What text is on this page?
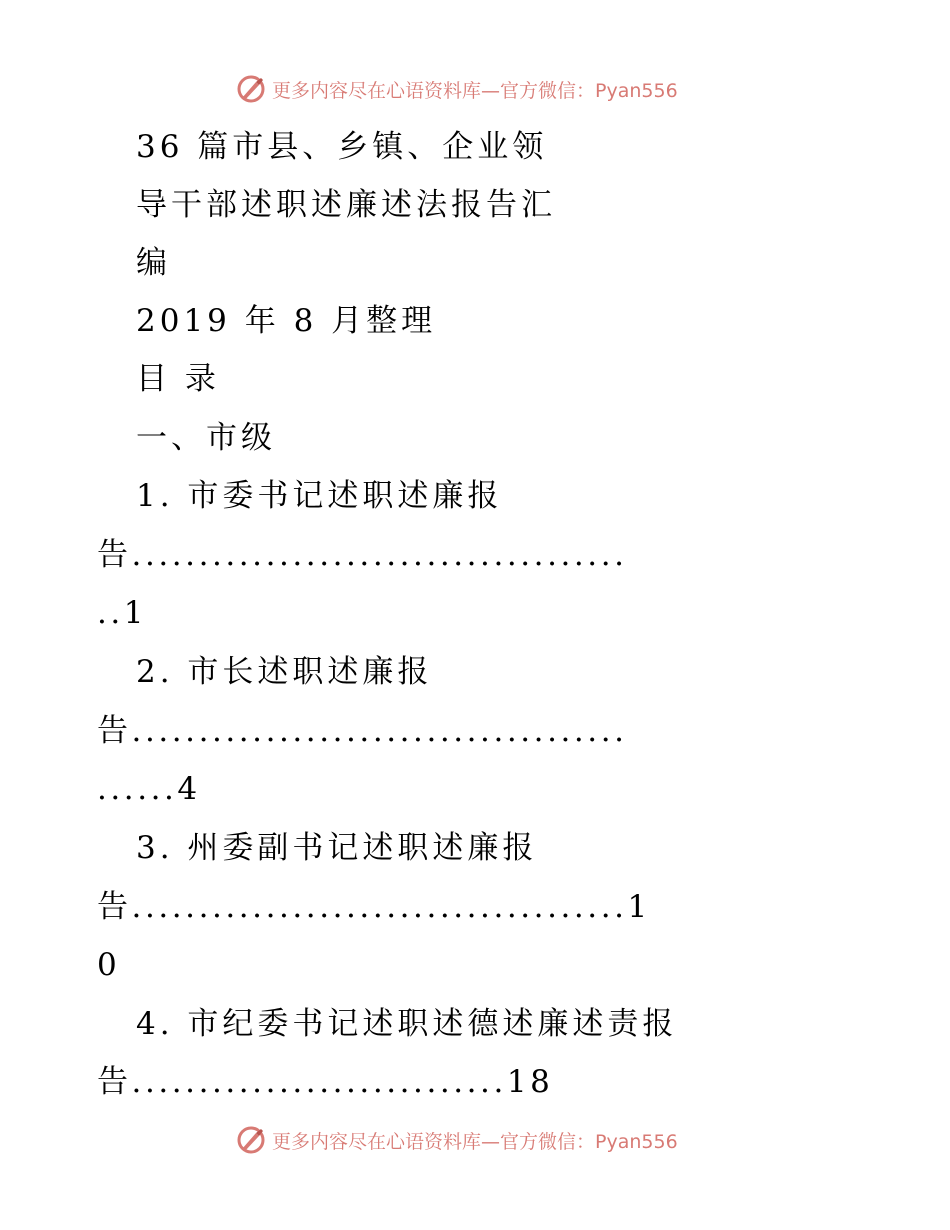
更多内容尽在心语资料库—官方微信：Pyan556
36 篇市县、乡镇、企业领
导干部述职述廉述法报告汇
编
2019 年 8 月整理
目 录
一、市级
1. 市委书记述职述廉报
告.....................................
..1
2. 市长述职述廉报
告.....................................
......4
3. 州委副书记述职述廉报
告.....................................1
0
4. 市纪委书记述职述德述廉述责报
告............................18
更多内容尽在心语资料库—官方微信：Pyan556
